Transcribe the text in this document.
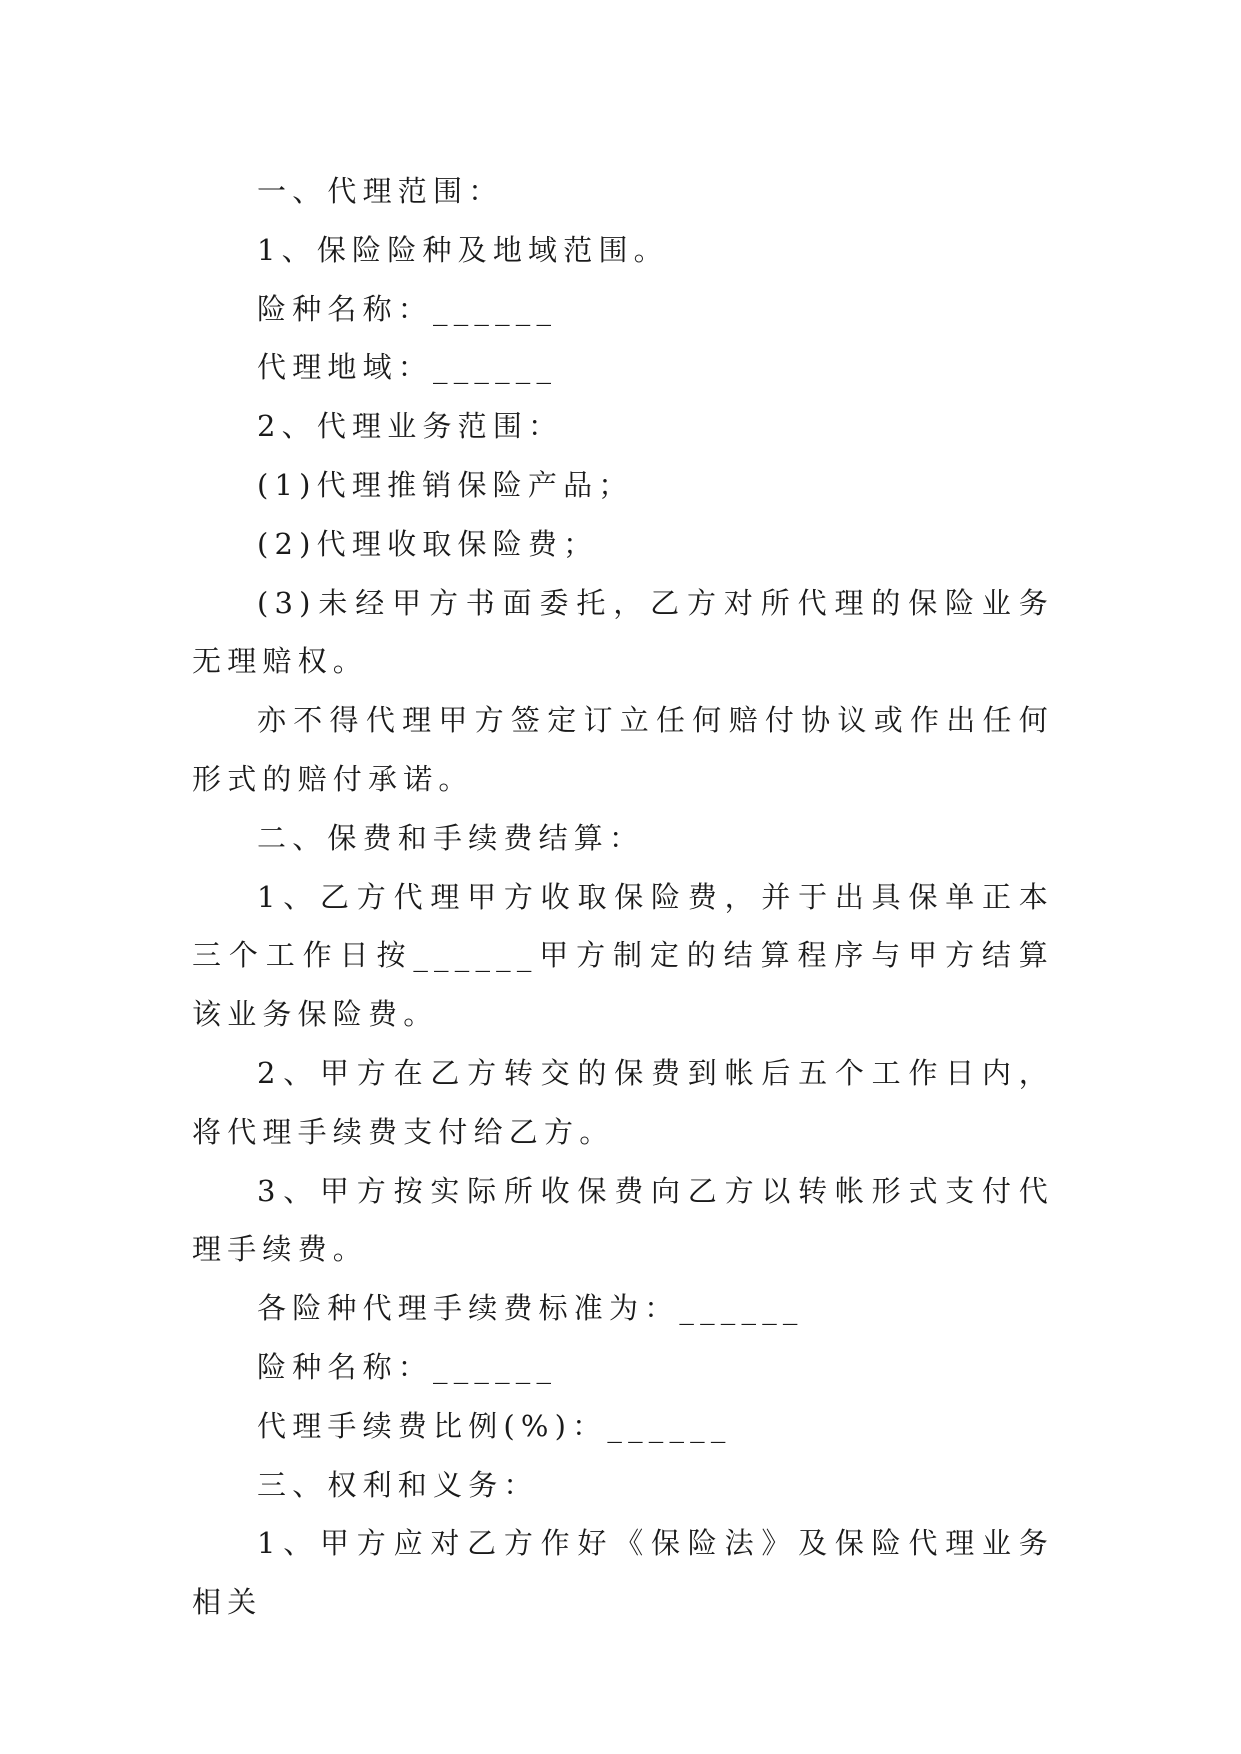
一、代理范围：

1、保险险种及地域范围。

险种名称：______

代理地域：______

2、代理业务范围：

(1)代理推销保险产品；

(2)代理收取保险费；

(3)未经甲方书面委托，乙方对所代理的保险业务无理赔权。

亦不得代理甲方签定订立任何赔付协议或作出任何形式的赔付承诺。

二、保费和手续费结算：

1、乙方代理甲方收取保险费，并于出具保单正本三个工作日按______甲方制定的结算程序与甲方结算该业务保险费。

2、甲方在乙方转交的保费到帐后五个工作日内，将代理手续费支付给乙方。

3、甲方按实际所收保费向乙方以转帐形式支付代理手续费。

各险种代理手续费标准为：______

险种名称：______

代理手续费比例(%)：______

三、权利和义务：

1、甲方应对乙方作好《保险法》及保险代理业务相关
